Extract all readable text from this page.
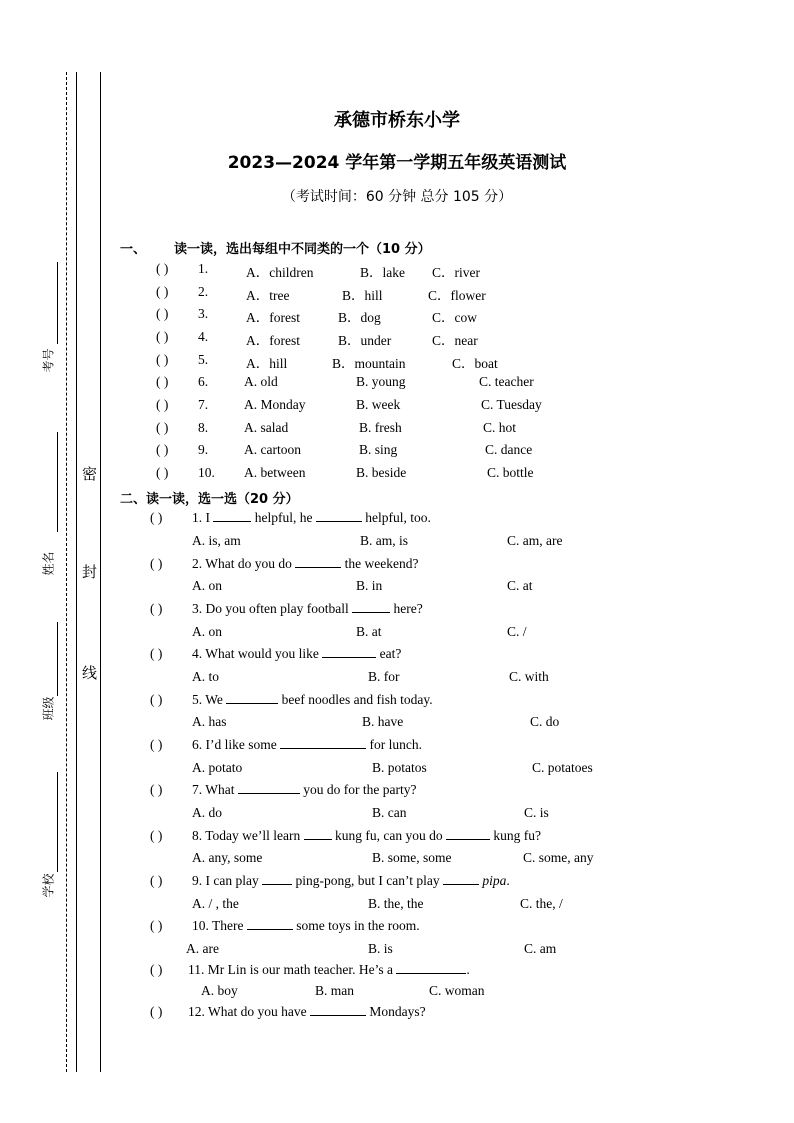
考号
姓名
班级
学校
密
封
线
承德市桥东小学
2023—2024 学年第一学期五年级英语测试
（考试时间：60 分钟 总分 105 分）
一、 读一读，选出每组中不同类的一个（10 分）
( ) 1.	A．children	B．lake C．river
( ) 2.	A．tree	B．hill	C．flower
( ) 3.	A．forest	B．dog	C．cow
( ) 4.	A．forest	B．under	C．near
( ) 5.	A．hill	B．mountain	C．boat
( ) 6.	A. old	B. young	C. teacher
( ) 7.	A. Monday	B. week	C. Tuesday
( ) 8.	A. salad	B. fresh	C. hot
( ) 9.	A. cartoon	B. sing	C. dance
( ) 10. A. between	B. beside	C. bottle
二、读一读，选一选（20 分）
( ) 1. I	helpful, he	helpful, too.
A. is, am	B. am, is	C. am, are
( ) 2. What do you do	the weekend?
A. on	B. in	C. at
( ) 3. Do you often play football	here?
A. on	B. at	C. /
( ) 4. What would you like	eat?
A. to	B. for	C. with
( ) 5. We	beef noodles and fish today.
A. has	B. have	C. do
( ) 6. I’d like some	for lunch.
A. potato	B. potatos	C. potatoes
( ) 7. What	you do for the party?
A. do	B. can	C. is
( ) 8. Today we’ll learn	kung fu, can you do	kung fu?
A. any, some	B. some, some	C. some, any
( ) 9. I can play	ping-pong, but I can’t play	pipa.
A. / , the	B. the, the	C. the, /
( ) 10. There	some toys in the room.
A. are	B. is	C. am
( ) 11. Mr Lin is our math teacher. He’s a	.
A. boy	B. man	C. woman
( ) 12. What do you have	Mondays?
